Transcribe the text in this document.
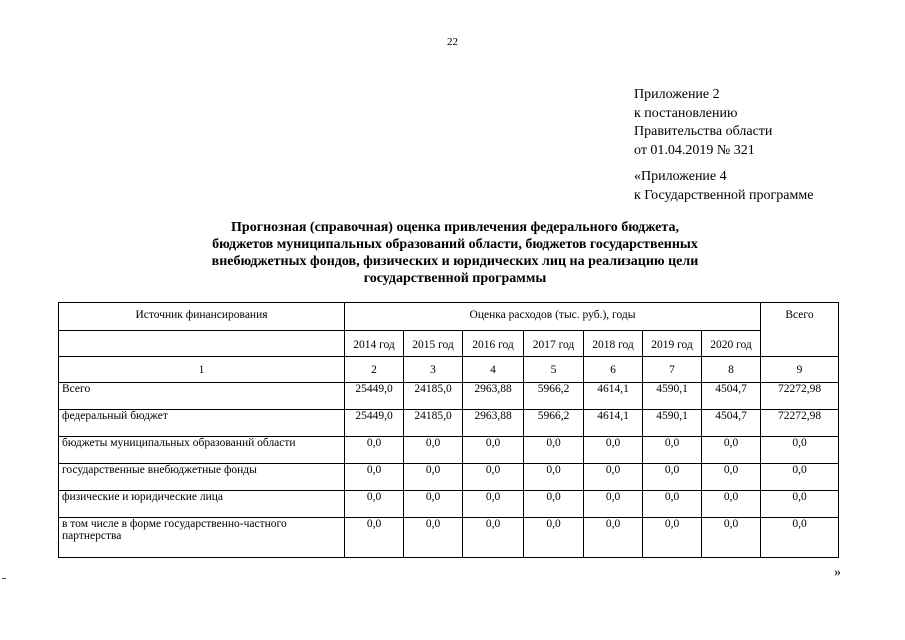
22
Приложение 2
к постановлению
Правительства области
от 01.04.2019 № 321
«Приложение 4
к Государственной программе
Прогнозная (справочная) оценка привлечения федерального бюджета,
бюджетов муниципальных образований области, бюджетов государственных
внебюджетных фондов, физических и юридических лиц на реализацию цели
государственной программы
Источник финансирования	Оценка расходов (тыс. руб.), годы							Всего
	2014 год	2015 год	2016 год	2017 год	2018 год	2019 год	2020 год	
1	2	3	4	5	6	7	8	9
Всего	25449,0	24185,0	2963,88	5966,2	4614,1	4590,1	4504,7	72272,98
федеральный бюджет	25449,0	24185,0	2963,88	5966,2	4614,1	4590,1	4504,7	72272,98
бюджеты муниципальных образований области	0,0	0,0	0,0	0,0	0,0	0,0	0,0	0,0
государственные внебюджетные фонды	0,0	0,0	0,0	0,0	0,0	0,0	0,0	0,0
физические и юридические лица	0,0	0,0	0,0	0,0	0,0	0,0	0,0	0,0
в том числе в форме государственно-частного партнерства	0,0	0,0	0,0	0,0	0,0	0,0	0,0	0,0
»
